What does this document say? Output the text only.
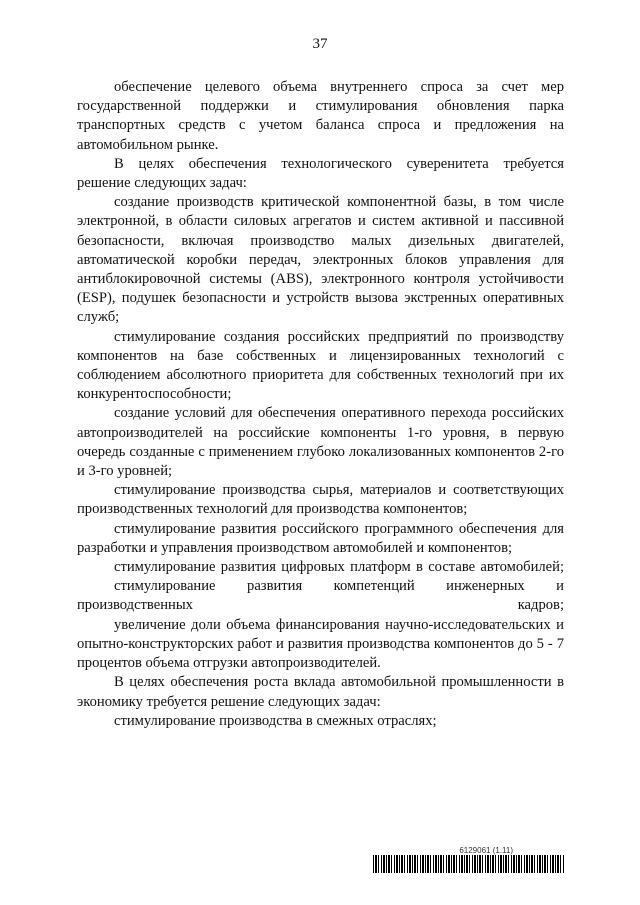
37

обеспечение целевого объема внутреннего спроса за счет мер государственной поддержки и стимулирования обновления парка транспортных средств с учетом баланса спроса и предложения на автомобильном рынке.

В целях обеспечения технологического суверенитета требуется решение следующих задач:

создание производств критической компонентной базы, в том числе электронной, в области силовых агрегатов и систем активной и пассивной безопасности, включая производство малых дизельных двигателей, автоматической коробки передач, электронных блоков управления для антиблокировочной системы (ABS), электронного контроля устойчивости (ESP), подушек безопасности и устройств вызова экстренных оперативных служб;

стимулирование создания российских предприятий по производству компонентов на базе собственных и лицензированных технологий с соблюдением абсолютного приоритета для собственных технологий при их конкурентоспособности;

создание условий для обеспечения оперативного перехода российских автопроизводителей на российские компоненты 1-го уровня, в первую очередь созданные с применением глубоко локализованных компонентов 2-го и 3-го уровней;

стимулирование производства сырья, материалов и соответствующих производственных технологий для производства компонентов;

стимулирование развития российского программного обеспечения для разработки и управления производством автомобилей и компонентов;

стимулирование развития цифровых платформ в составе автомобилей;

стимулирование развития компетенций инженерных и производственных кадров;

увеличение доли объема финансирования научно-исследовательских и опытно-конструкторских работ и развития производства компонентов до 5 - 7 процентов объема отгрузки автопроизводителей.

В целях обеспечения роста вклада автомобильной промышленности в экономику требуется решение следующих задач:

стимулирование производства в смежных отраслях;

6129061 (1.11)
